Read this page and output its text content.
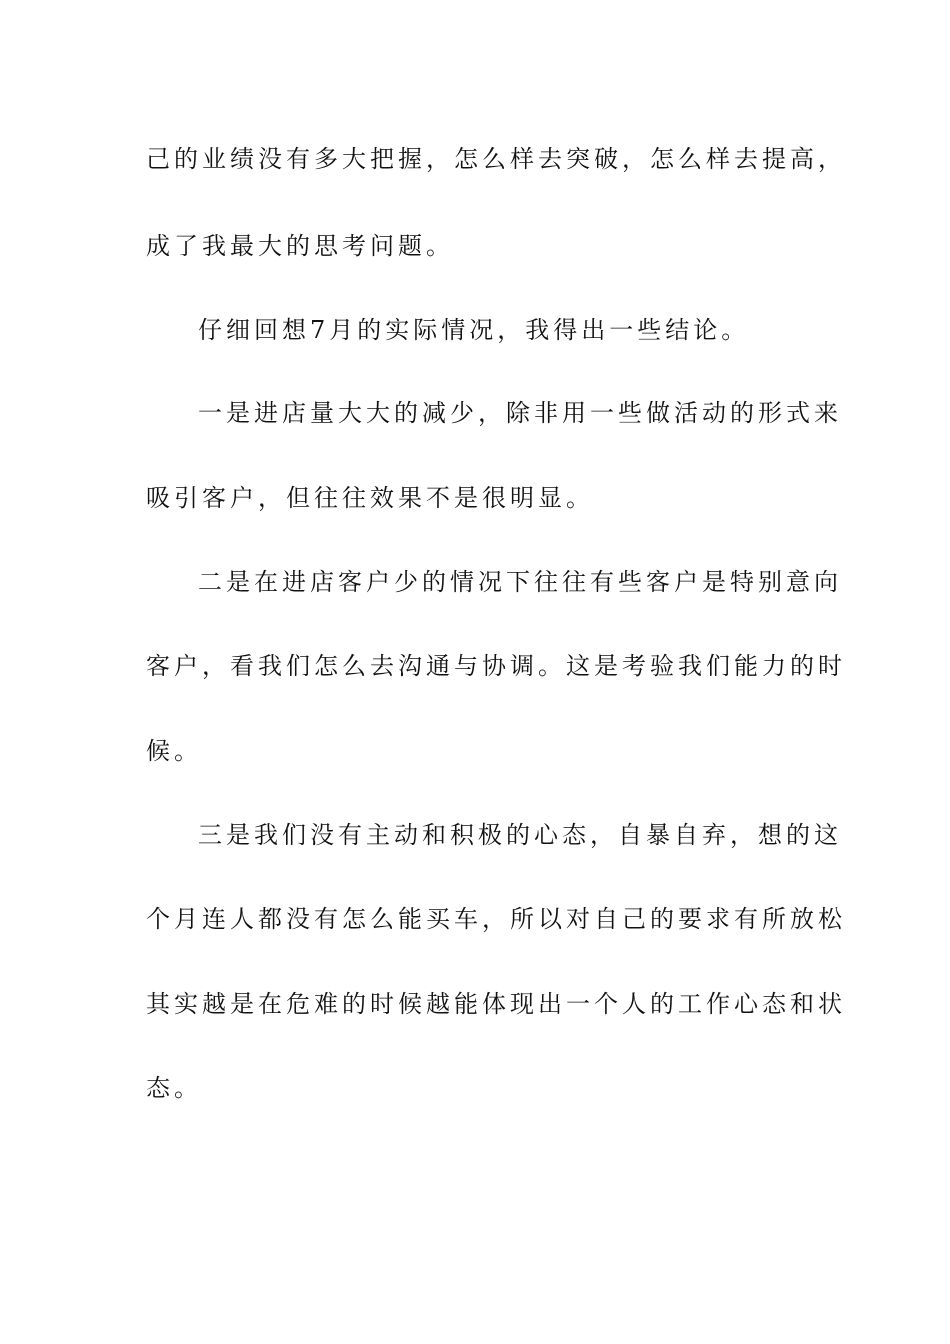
己的业绩没有多大把握，怎么样去突破，怎么样去提高，
成了我最大的思考问题。
仔细回想7月的实际情况，我得出一些结论。
一是进店量大大的减少，除非用一些做活动的形式来
吸引客户，但往往效果不是很明显。
二是在进店客户少的情况下往往有些客户是特别意向
客户，看我们怎么去沟通与协调。这是考验我们能力的时
候。
三是我们没有主动和积极的心态，自暴自弃，想的这
个月连人都没有怎么能买车，所以对自己的要求有所放松
其实越是在危难的时候越能体现出一个人的工作心态和状
态。
